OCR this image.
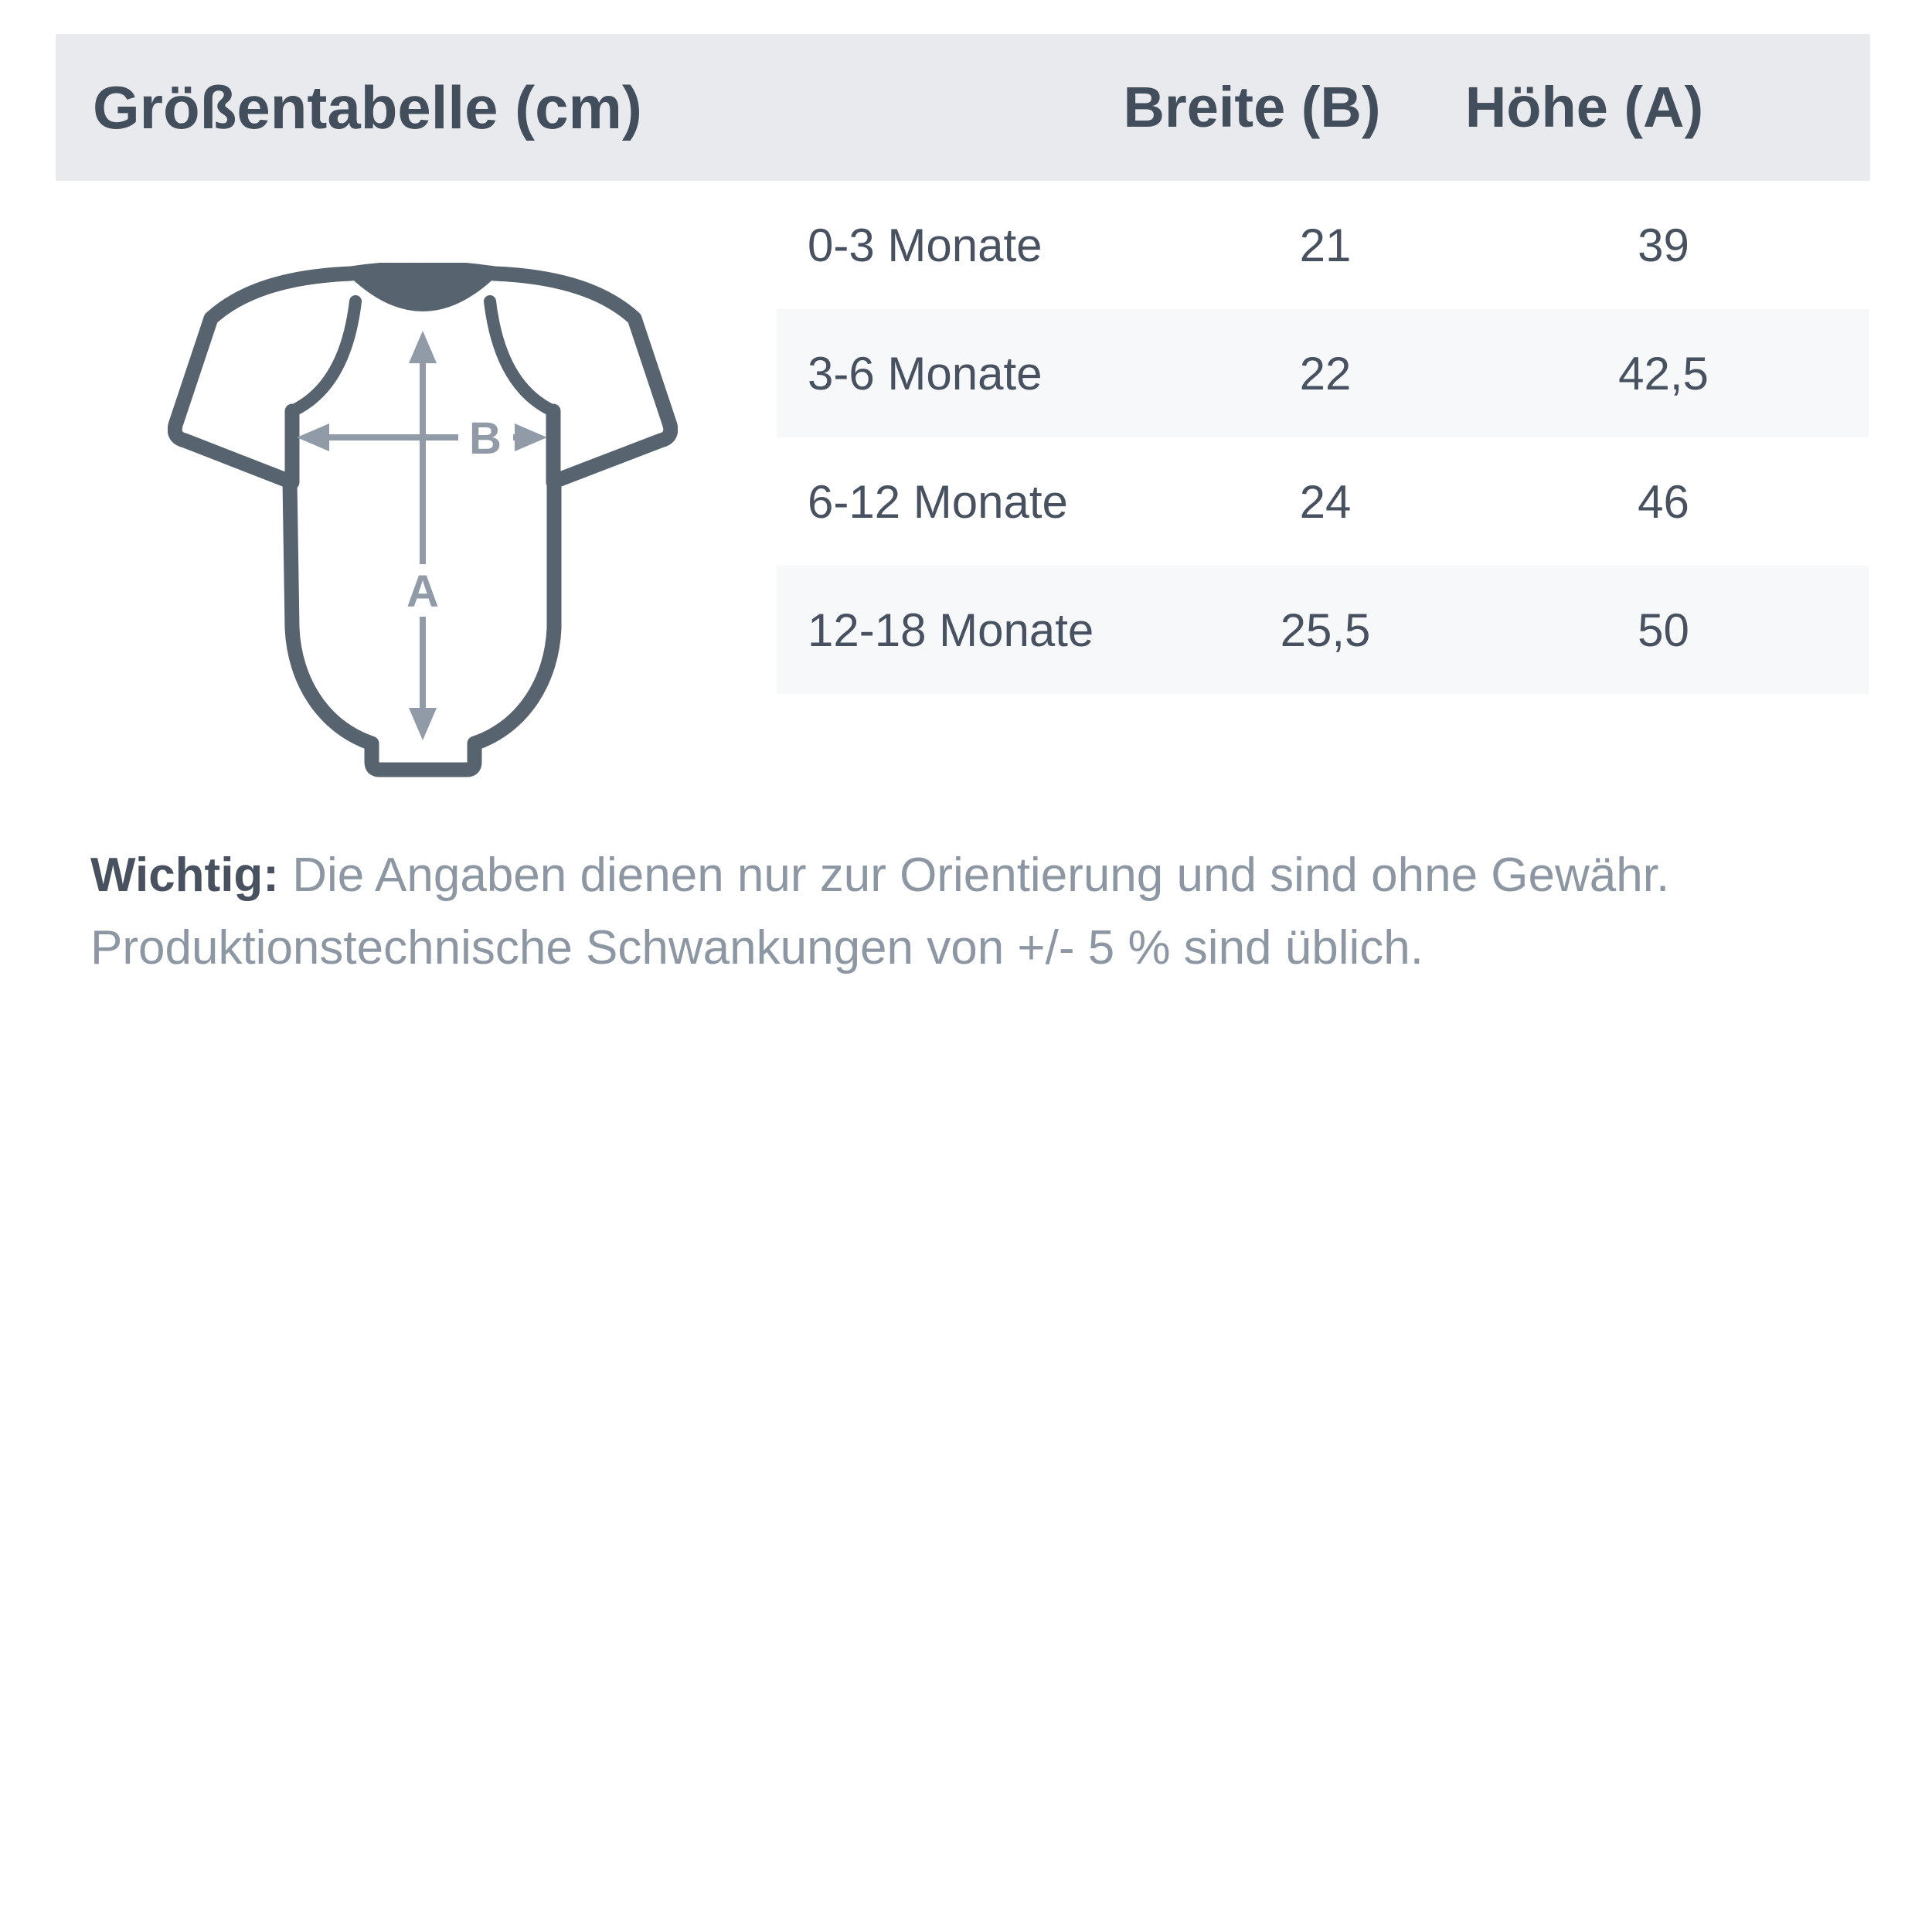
Größentabelle (cm)	Breite (B)	Höhe (A)
A
B
0-3 Monate	21	39
3-6 Monate	22	42,5
6-12 Monate	24	46
12-18 Monate	25,5	50

Wichtig: Die Angaben dienen nur zur Orientierung und sind ohne Gewähr.
Produktionstechnische Schwankungen von +/- 5 % sind üblich.
